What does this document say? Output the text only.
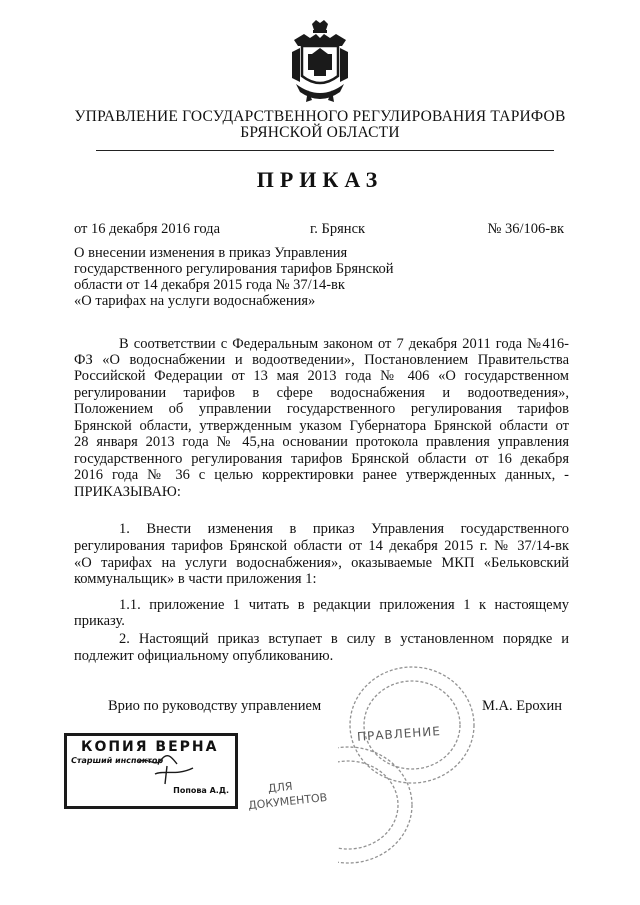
УПРАВЛЕНИЕ ГОСУДАРСТВЕННОГО РЕГУЛИРОВАНИЯ ТАРИФОВ
БРЯНСКОЙ ОБЛАСТИ
ПРИКАЗ
от 16 декабря 2016 года	г. Брянск	№ 36/106-вк
О внесении изменения в приказ Управления
государственного регулирования тарифов Брянской
области от 14 декабря 2015 года № 37/14-вк
«О тарифах на услуги водоснабжения»
В соответствии с Федеральным законом от 7 декабря 2011 года №416-
ФЗ «О водоснабжении и водоотведении», Постановлением Правительства
Российской Федерации от 13 мая 2013 года № 406 «О государственном
регулировании тарифов в сфере водоснабжения и водоотведения»,
Положением об управлении государственного регулирования тарифов
Брянской области, утвержденным указом Губернатора Брянской области от
28 января 2013 года № 45,на основании протокола правления управления
государственного регулирования тарифов Брянской области от 16 декабря
2016 года № 36 с целью корректировки ранее утвержденных данных, -
ПРИКАЗЫВАЮ:
1. Внести изменения в приказ Управления государственного
регулирования тарифов Брянской области от 14 декабря 2015 г. № 37/14-вк
«О тарифах на услуги водоснабжения», оказываемые МКП «Бельковский
коммунальщик» в части приложения 1:
1.1. приложение 1 читать в редакции приложения 1 к настоящему
приказу.
2. Настоящий приказ вступает в силу в установленном порядке и
подлежит официальному опубликованию.
ПРАВЛЕНИЕ
ДЛЯ
ДОКУМЕНТОВ
Врио по руководству управлением	М.А. Ерохин
КОПИЯ ВЕРНА
Старший инспектор
Попова А.Д.
